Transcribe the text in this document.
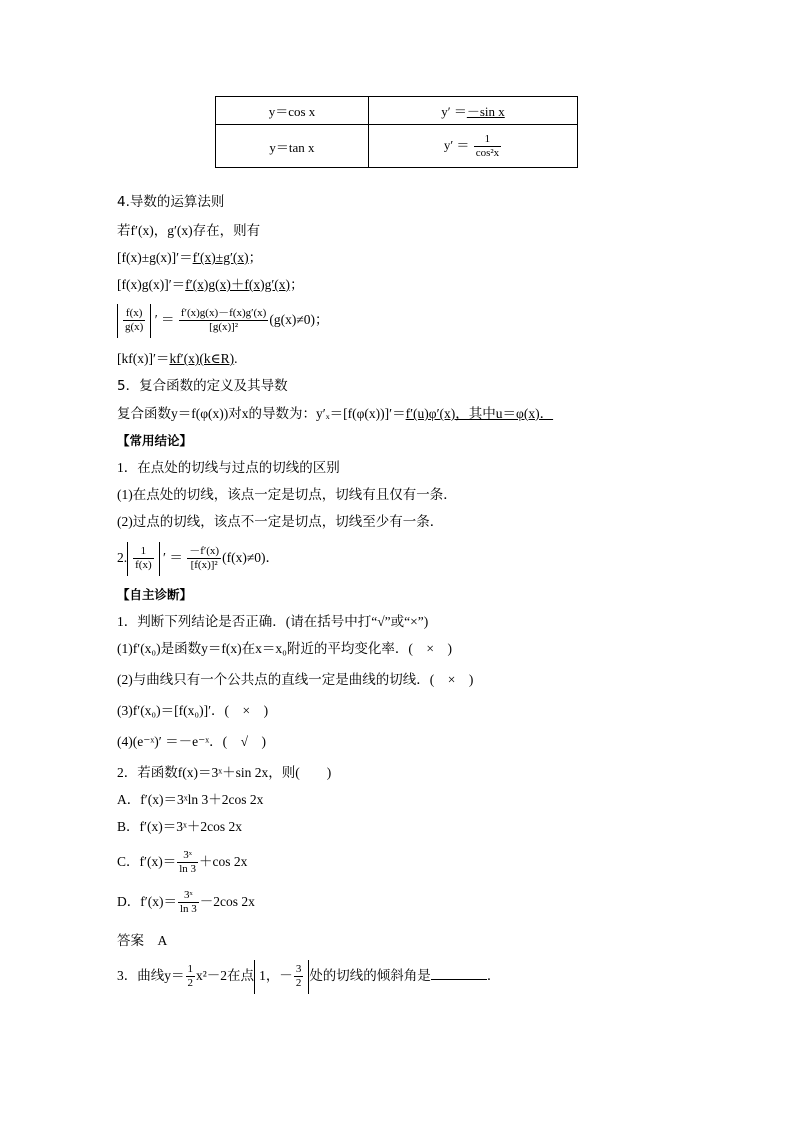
y＝cos x	y′ ＝－sin x
y＝tan x	$y' = \frac{1}{\text{cos²x}}$
4.导数的运算法则
若f′(x)，g′(x)存在，则有
[f(x)±g(x)]′＝f′(x)±g′(x)；
[f(x)g(x)]′＝f′(x)g(x)＋f(x)g′(x)；
$\frac{f(x)}{g(x)}$ ′ ＝ $\frac{f'(x)g(x)-f(x)g'(x)}{\text{[g(x)]²}} (g(x)\ne 0)$；
[kf(x)]′＝kf′(x)(k∈R).
5．复合函数的定义及其导数
复合函数y＝f(φ(x))对x的导数为：y′ₓ＝[f(φ(x))]′＝f′(u)φ′(x)，其中u＝φ(x)．
【常用结论】
1．在点处的切线与过点的切线的区别
(1)在点处的切线，该点一定是切点，切线有且仅有一条．
(2)过点的切线，该点不一定是切点，切线至少有一条．
2. $\frac{1}{f(x)}$ ′ ＝ $\frac{-f'(x)}{\text{[f(x)]²}} (f(x)\ne 0)$．
【自主诊断】
1．判断下列结论是否正确．(请在括号中打“√”或“×”)
(1)f′(x₀)是函数y＝f(x)在x＝x₀附近的平均变化率．(　×　)
(2)与曲线只有一个公共点的直线一定是曲线的切线．(　×　)
(3)f′(x₀)＝[f(x₀)]′．(　×　)
(4)(e⁻ˣ)′ ＝－e⁻ˣ．(　√　)
2．若函数f(x)＝3ˣ＋sin 2x，则(　　)
A．f′(x)＝3ˣln 3＋2cos 2x
B．f′(x)＝3ˣ＋2cos 2x
C．$f'(x)= \frac{\text{3ˣ}}{\ln 3} +\cos$ 2x
D．$f'(x)= \frac{\text{3ˣ}}{\ln 3} -2\cos$ 2x
答案　A
3．曲线$y= \frac{1}{2} x^2-2$在点 1，－ $\frac{3}{2}$ 处的切线的倾斜角是	．
